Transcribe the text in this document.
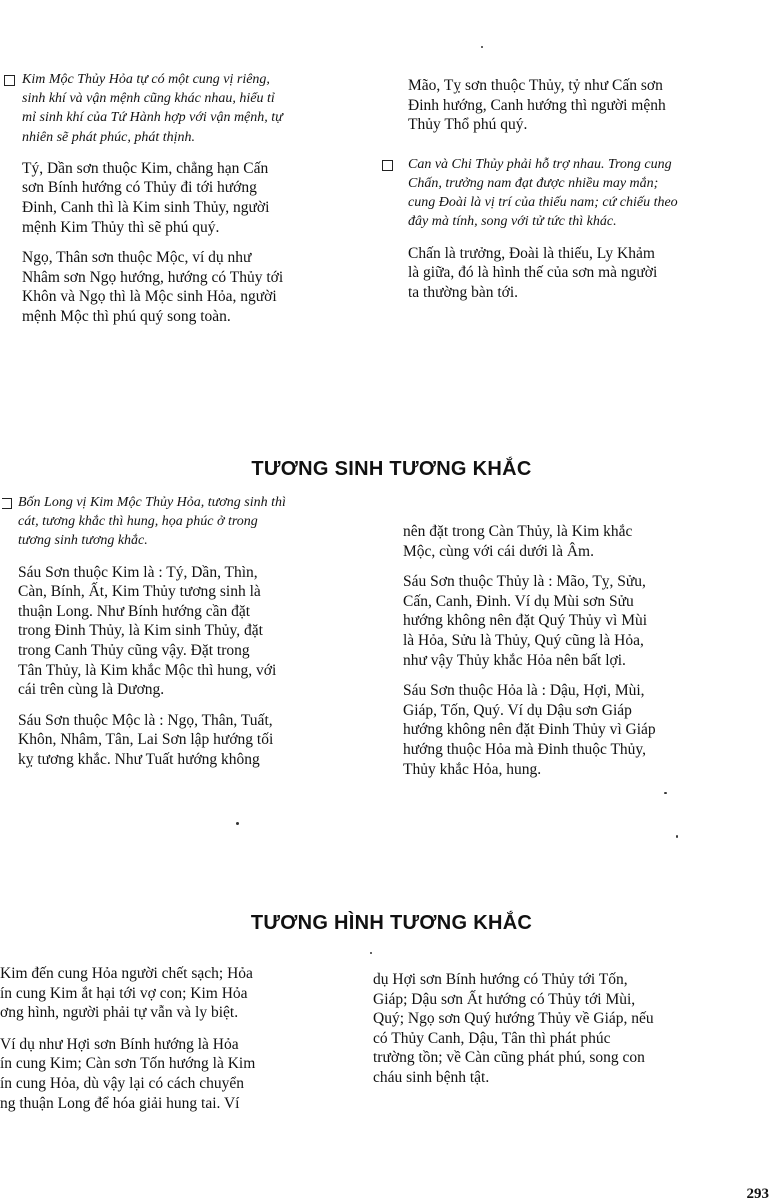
Kim Mộc Thủy Hỏa tự có một cung vị riêng,
sinh khí và vận mệnh cũng khác nhau, hiểu tỉ
mỉ sinh khí của Tứ Hành hợp với vận mệnh, tự
nhiên sẽ phát phúc, phát thịnh.
Tý, Dần sơn thuộc Kim, chẳng hạn Cấn
sơn Bính hướng có Thủy đi tới hướng
Đinh, Canh thì là Kim sinh Thủy, người
mệnh Kim Thủy thì sẽ phú quý.
Ngọ, Thân sơn thuộc Mộc, ví dụ như
Nhâm sơn Ngọ hướng, hướng có Thủy tới
Khôn và Ngọ thì là Mộc sinh Hỏa, người
mệnh Mộc thì phú quý song toàn.
Mão, Tỵ sơn thuộc Thủy, tỷ như Cấn sơn
Đinh hướng, Canh hướng thì người mệnh
Thủy Thổ phú quý.
Can và Chi Thủy phải hỗ trợ nhau. Trong cung
Chấn, trưởng nam đạt được nhiều may mắn;
cung Đoài là vị trí của thiếu nam; cứ chiếu theo
đây mà tính, song với tử tức thì khác.
Chấn là trưởng, Đoài là thiếu, Ly Khảm
là giữa, đó là hình thế của sơn mà người
ta thường bàn tới.
TƯƠNG SINH TƯƠNG KHẮC
Bốn Long vị Kim Mộc Thủy Hỏa, tương sinh thì
cát, tương khắc thì hung, họa phúc ở trong
tương sinh tương khắc.
Sáu Sơn thuộc Kim là : Tý, Dần, Thìn,
Càn, Bính, Ất, Kim Thủy tương sinh là
thuận Long. Như Bính hướng cần đặt
trong Đinh Thủy, là Kim sinh Thủy, đặt
trong Canh Thủy cũng vậy. Đặt trong
Tân Thủy, là Kim khắc Mộc thì hung, với
cái trên cùng là Dương.
Sáu Sơn thuộc Mộc là : Ngọ, Thân, Tuất,
Khôn, Nhâm, Tân, Lai Sơn lập hướng tối
kỵ tương khắc. Như Tuất hướng không
nên đặt trong Càn Thủy, là Kim khắc
Mộc, cùng với cái dưới là Âm.
Sáu Sơn thuộc Thủy là : Mão, Tỵ, Sửu,
Cấn, Canh, Đinh. Ví dụ Mùi sơn Sửu
hướng không nên đặt Quý Thủy vì Mùi
là Hỏa, Sửu là Thủy, Quý cũng là Hỏa,
như vậy Thủy khắc Hỏa nên bất lợi.
Sáu Sơn thuộc Hỏa là : Dậu, Hợi, Mùi,
Giáp, Tốn, Quý. Ví dụ Dậu sơn Giáp
hướng không nên đặt Đinh Thủy vì Giáp
hướng thuộc Hỏa mà Đinh thuộc Thủy,
Thủy khắc Hỏa, hung.
TƯƠNG HÌNH TƯƠNG KHẮC
Kim đến cung Hỏa người chết sạch; Hỏa
ín cung Kim ắt hại tới vợ con; Kim Hỏa
ơng hình, người phải tự vẫn và ly biệt.
Ví dụ như Hợi sơn Bính hướng là Hỏa
ín cung Kim; Càn sơn Tốn hướng là Kim
ín cung Hỏa, dù vậy lại có cách chuyển
ng thuận Long để hóa giải hung tai. Ví
dụ Hợi sơn Bính hướng có Thủy tới Tốn,
Giáp; Dậu sơn Ất hướng có Thủy tới Mùi,
Quý; Ngọ sơn Quý hướng Thủy về Giáp, nếu
có Thủy Canh, Dậu, Tân thì phát phúc
trường tồn; về Càn cũng phát phú, song con
cháu sinh bệnh tật.
293
